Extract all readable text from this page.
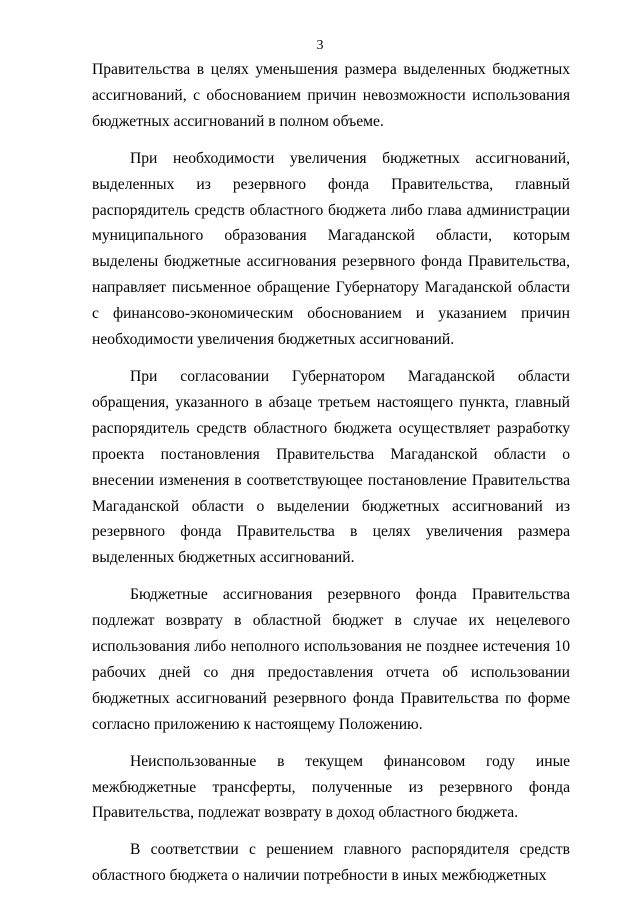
3

Правительства в целях уменьшения размера выделенных бюджетных ассигнований, с обоснованием причин невозможности использования бюджетных ассигнований в полном объеме.

При необходимости увеличения бюджетных ассигнований, выделенных из резервного фонда Правительства, главный распорядитель средств областного бюджета либо глава администрации муниципального образования Магаданской области, которым выделены бюджетные ассигнования резервного фонда Правительства, направляет письменное обращение Губернатору Магаданской области с финансово-экономическим обоснованием и указанием причин необходимости увеличения бюджетных ассигнований.

При согласовании Губернатором Магаданской области обращения, указанного в абзаце третьем настоящего пункта, главный распорядитель средств областного бюджета осуществляет разработку проекта постановления Правительства Магаданской области о внесении изменения в соответствующее постановление Правительства Магаданской области о выделении бюджетных ассигнований из резервного фонда Правительства в целях увеличения размера выделенных бюджетных ассигнований.

Бюджетные ассигнования резервного фонда Правительства подлежат возврату в областной бюджет в случае их нецелевого использования либо неполного использования не позднее истечения 10 рабочих дней со дня предоставления отчета об использовании бюджетных ассигнований резервного фонда Правительства по форме согласно приложению к настоящему Положению.

Неиспользованные в текущем финансовом году иные межбюджетные трансферты, полученные из резервного фонда Правительства, подлежат возврату в доход областного бюджета.

В соответствии с решением главного распорядителя средств областного бюджета о наличии потребности в иных межбюджетных
